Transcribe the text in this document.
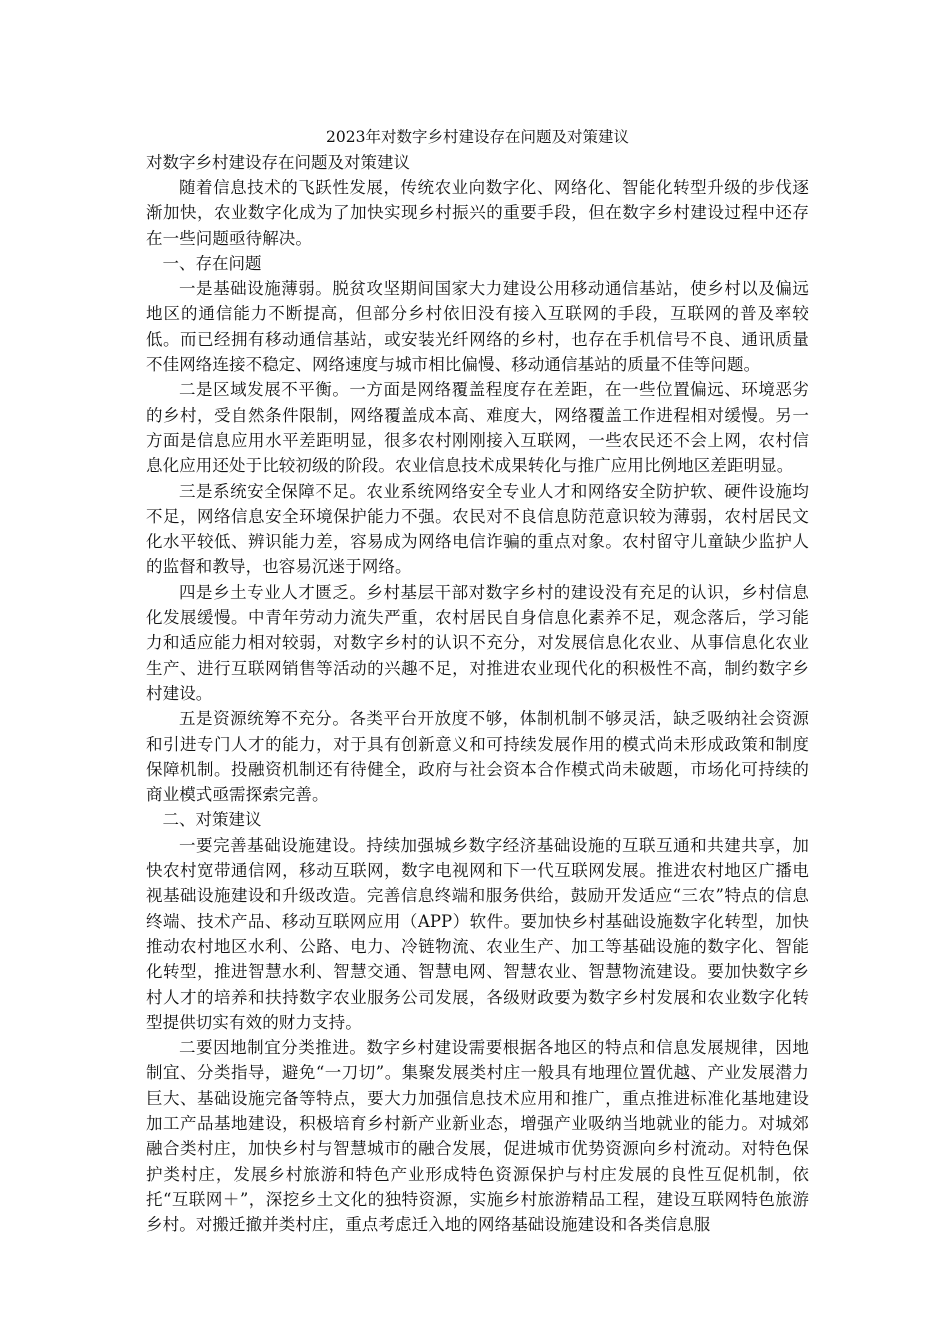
2023年对数字乡村建设存在问题及对策建议
对数字乡村建设存在问题及对策建议

随着信息技术的飞跃性发展，传统农业向数字化、网络化、智能化转型升级的步伐逐渐加快，农业数字化成为了加快实现乡村振兴的重要手段，但在数字乡村建设过程中还存在一些问题亟待解决。

一、存在问题

一是基础设施薄弱。脱贫攻坚期间国家大力建设公用移动通信基站，使乡村以及偏远地区的通信能力不断提高，但部分乡村依旧没有接入互联网的手段，互联网的普及率较低。而已经拥有移动通信基站，或安装光纤网络的乡村，也存在手机信号不良、通讯质量不佳网络连接不稳定、网络速度与城市相比偏慢、移动通信基站的质量不佳等问题。

二是区域发展不平衡。一方面是网络覆盖程度存在差距，在一些位置偏远、环境恶劣的乡村，受自然条件限制，网络覆盖成本高、难度大，网络覆盖工作进程相对缓慢。另一方面是信息应用水平差距明显，很多农村刚刚接入互联网，一些农民还不会上网，农村信息化应用还处于比较初级的阶段。农业信息技术成果转化与推广应用比例地区差距明显。

三是系统安全保障不足。农业系统网络安全专业人才和网络安全防护软、硬件设施均不足，网络信息安全环境保护能力不强。农民对不良信息防范意识较为薄弱，农村居民文化水平较低、辨识能力差，容易成为网络电信诈骗的重点对象。农村留守儿童缺少监护人的监督和教导，也容易沉迷于网络。

四是乡土专业人才匮乏。乡村基层干部对数字乡村的建设没有充足的认识，乡村信息化发展缓慢。中青年劳动力流失严重，农村居民自身信息化素养不足，观念落后，学习能力和适应能力相对较弱，对数字乡村的认识不充分，对发展信息化农业、从事信息化农业生产、进行互联网销售等活动的兴趣不足，对推进农业现代化的积极性不高，制约数字乡村建设。

五是资源统筹不充分。各类平台开放度不够，体制机制不够灵活，缺乏吸纳社会资源和引进专门人才的能力，对于具有创新意义和可持续发展作用的模式尚未形成政策和制度保障机制。投融资机制还有待健全，政府与社会资本合作模式尚未破题，市场化可持续的商业模式亟需探索完善。

二、对策建议

一要完善基础设施建设。持续加强城乡数字经济基础设施的互联互通和共建共享，加快农村宽带通信网，移动互联网，数字电视网和下一代互联网发展。推进农村地区广播电视基础设施建设和升级改造。完善信息终端和服务供给，鼓励开发适应“三农”特点的信息终端、技术产品、移动互联网应用（APP）软件。要加快乡村基础设施数字化转型，加快推动农村地区水利、公路、电力、冷链物流、农业生产、加工等基础设施的数字化、智能化转型，推进智慧水利、智慧交通、智慧电网、智慧农业、智慧物流建设。要加快数字乡村人才的培养和扶持数字农业服务公司发展，各级财政要为数字乡村发展和农业数字化转型提供切实有效的财力支持。

二要因地制宜分类推进。数字乡村建设需要根据各地区的特点和信息发展规律，因地制宜、分类指导，避免“一刀切”。集聚发展类村庄一般具有地理位置优越、产业发展潜力巨大、基础设施完备等特点，要大力加强信息技术应用和推广，重点推进标准化基地建设加工产品基地建设，积极培育乡村新产业新业态，增强产业吸纳当地就业的能力。对城郊融合类村庄，加快乡村与智慧城市的融合发展，促进城市优势资源向乡村流动。对特色保护类村庄，发展乡村旅游和特色产业形成特色资源保护与村庄发展的良性互促机制，依托“互联网＋”，深挖乡土文化的独特资源，实施乡村旅游精品工程，建设互联网特色旅游乡村。对搬迁撤并类村庄，重点考虑迁入地的网络基础设施建设和各类信息服
